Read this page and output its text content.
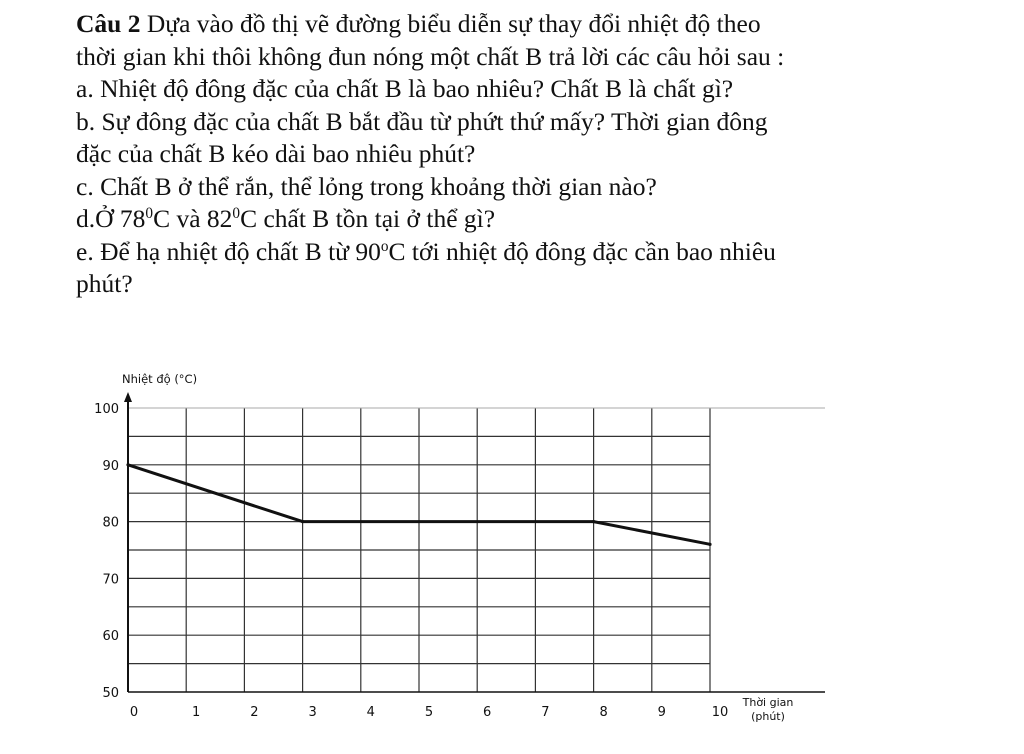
Câu 2 Dựa vào đồ thị vẽ đường biểu diễn sự thay đổi nhiệt độ theo

thời gian khi thôi không đun nóng một chất B trả lời các câu hỏi sau :

a. Nhiệt độ đông đặc của chất B là bao nhiêu? Chất B là chất gì?

b. Sự đông đặc của chất B bắt đầu từ phứt thứ mấy? Thời gian đông

đặc của chất B kéo dài bao nhiêu phút?

c. Chất B ở thể rắn, thể lỏng trong khoảng thời gian nào?

d.Ở $78^0C$ và $82^0C$ chất B tồn tại ở thể gì?

e. Để hạ nhiệt độ chất B từ 90$^o$C tới nhiệt độ đông đặc cần bao nhiêu

phút?

50
60
70
80
90
100
0	1	2	3	4	5	6	7	8	9	10
Nhiệt độ (°C)
Thời gian
(phút)
